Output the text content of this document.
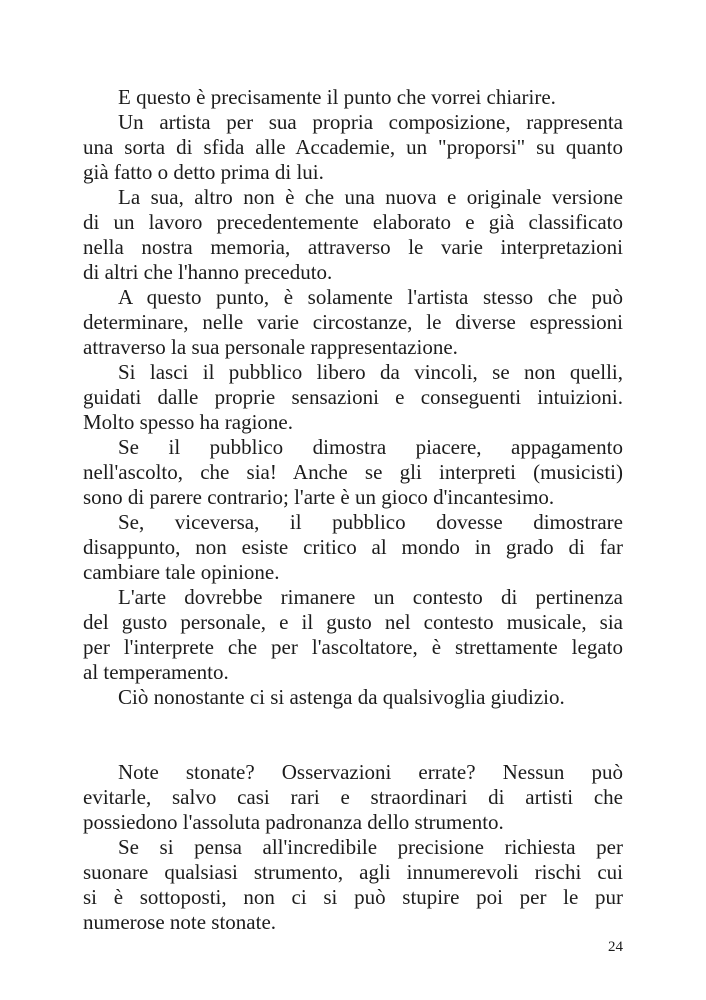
E questo è precisamente il punto che vorrei chiarire.
Un artista per sua propria composizione, rappresenta
una sorta di sfida alle Accademie, un "proporsi" su quanto
già fatto o detto prima di lui.
La sua, altro non è che una nuova e originale versione
di un lavoro precedentemente elaborato e già classificato
nella nostra memoria, attraverso le varie interpretazioni
di altri che l'hanno preceduto.
A questo punto, è solamente l'artista stesso che può
determinare, nelle varie circostanze, le diverse espressioni
attraverso la sua personale rappresentazione.
Si lasci il pubblico libero da vincoli, se non quelli,
guidati dalle proprie sensazioni e conseguenti intuizioni.
Molto spesso ha ragione.
Se il pubblico dimostra piacere, appagamento
nell'ascolto, che sia! Anche se gli interpreti (musicisti)
sono di parere contrario; l'arte è un gioco d'incantesimo.
Se, viceversa, il pubblico dovesse dimostrare
disappunto, non esiste critico al mondo in grado di far
cambiare tale opinione.
L'arte dovrebbe rimanere un contesto di pertinenza
del gusto personale, e il gusto nel contesto musicale, sia
per l'interprete che per l'ascoltatore, è strettamente legato
al temperamento.
Ciò nonostante ci si astenga da qualsivoglia giudizio.
Note stonate? Osservazioni errate? Nessun può
evitarle, salvo casi rari e straordinari di artisti che
possiedono l'assoluta padronanza dello strumento.
Se si pensa all'incredibile precisione richiesta per
suonare qualsiasi strumento, agli innumerevoli rischi cui
si è sottoposti, non ci si può stupire poi per le pur
numerose note stonate.
24
